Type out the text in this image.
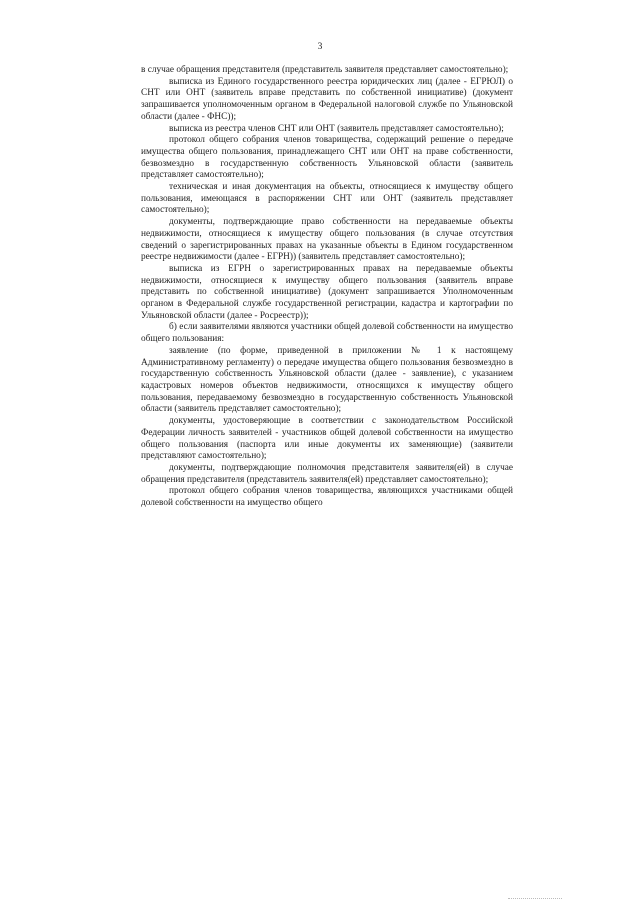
3

в случае обращения представителя (представитель заявителя представляет самостоятельно);

выписка из Единого государственного реестра юридических лиц (далее - ЕГРЮЛ) о СНТ или ОНТ (заявитель вправе представить по собственной инициативе) (документ запрашивается уполномоченным органом в Федеральной налоговой службе по Ульяновской области (далее - ФНС));

выписка из реестра членов СНТ или ОНТ (заявитель представляет самостоятельно);

протокол общего собрания членов товарищества, содержащий решение о передаче имущества общего пользования, принадлежащего СНТ или ОНТ на праве собственности, безвозмездно в государственную собственность Ульяновской области (заявитель представляет самостоятельно);

техническая и иная документация на объекты, относящиеся к имуществу общего пользования, имеющаяся в распоряжении СНТ или ОНТ (заявитель представляет самостоятельно);

документы, подтверждающие право собственности на передаваемые объекты недвижимости, относящиеся к имуществу общего пользования (в случае отсутствия сведений о зарегистрированных правах на указанные объекты в Едином государственном реестре недвижимости (далее - ЕГРН)) (заявитель представляет самостоятельно);

выписка из ЕГРН о зарегистрированных правах на передаваемые объекты недвижимости, относящиеся к имуществу общего пользования (заявитель вправе представить по собственной инициативе) (документ запрашивается Уполномоченным органом в Федеральной службе государственной регистрации, кадастра и картографии по Ульяновской области (далее - Росреестр));

б) если заявителями являются участники общей долевой собственности на имущество общего пользования:

заявление (по форме, приведенной в приложении № 1 к настоящему Административному регламенту) о передаче имущества общего пользования безвозмездно в государственную собственность Ульяновской области (далее - заявление), с указанием кадастровых номеров объектов недвижимости, относящихся к имуществу общего пользования, передаваемому безвозмездно в государственную собственность Ульяновской области (заявитель представляет самостоятельно);

документы, удостоверяющие в соответствии с законодательством Российской Федерации личность заявителей - участников общей долевой собственности на имущество общего пользования (паспорта или иные документы их заменяющие) (заявители представляют самостоятельно);

документы, подтверждающие полномочия представителя заявителя(ей) в случае обращения представителя (представитель заявителя(ей) представляет самостоятельно);

протокол общего собрания членов товарищества, являющихся участниками общей долевой собственности на имущество общего
